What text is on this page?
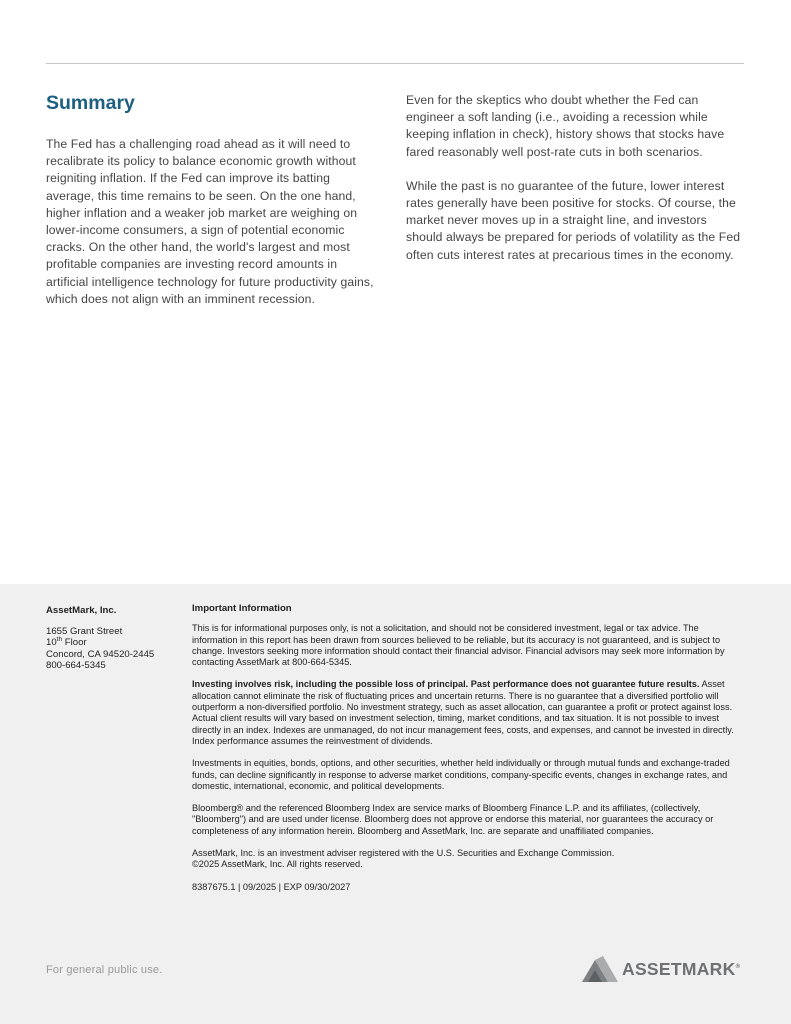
Summary

The Fed has a challenging road ahead as it will need to recalibrate its policy to balance economic growth without reigniting inflation. If the Fed can improve its batting average, this time remains to be seen. On the one hand, higher inflation and a weaker job market are weighing on lower-income consumers, a sign of potential economic cracks. On the other hand, the world's largest and most profitable companies are investing record amounts in artificial intelligence technology for future productivity gains, which does not align with an imminent recession.

Even for the skeptics who doubt whether the Fed can engineer a soft landing (i.e., avoiding a recession while keeping inflation in check), history shows that stocks have fared reasonably well post-rate cuts in both scenarios.

While the past is no guarantee of the future, lower interest rates generally have been positive for stocks. Of course, the market never moves up in a straight line, and investors should always be prepared for periods of volatility as the Fed often cuts interest rates at precarious times in the economy.

AssetMark, Inc.
1655 Grant Street
10th Floor
Concord, CA 94520-2445
800-664-5345
Important Information

This is for informational purposes only, is not a solicitation, and should not be considered investment, legal or tax advice. The information in this report has been drawn from sources believed to be reliable, but its accuracy is not guaranteed, and is subject to change. Investors seeking more information should contact their financial advisor. Financial advisors may seek more information by contacting AssetMark at 800-664-5345.

Investing involves risk, including the possible loss of principal. Past performance does not guarantee future results. Asset allocation cannot eliminate the risk of fluctuating prices and uncertain returns. There is no guarantee that a diversified portfolio will outperform a non-diversified portfolio. No investment strategy, such as asset allocation, can guarantee a profit or protect against loss. Actual client results will vary based on investment selection, timing, market conditions, and tax situation. It is not possible to invest directly in an index. Indexes are unmanaged, do not incur management fees, costs, and expenses, and cannot be invested in directly. Index performance assumes the reinvestment of dividends.

Investments in equities, bonds, options, and other securities, whether held individually or through mutual funds and exchange-traded funds, can decline significantly in response to adverse market conditions, company-specific events, changes in exchange rates, and domestic, international, economic, and political developments.

Bloomberg® and the referenced Bloomberg Index are service marks of Bloomberg Finance L.P. and its affiliates, (collectively, "Bloomberg") and are used under license. Bloomberg does not approve or endorse this material, nor guarantees the accuracy or completeness of any information herein. Bloomberg and AssetMark, Inc. are separate and unaffiliated companies.

AssetMark, Inc. is an investment adviser registered with the U.S. Securities and Exchange Commission.
©2025 AssetMark, Inc. All rights reserved.

8387675.1 | 09/2025 | EXP 09/30/2027

For general public use.	ASSETMARK®
